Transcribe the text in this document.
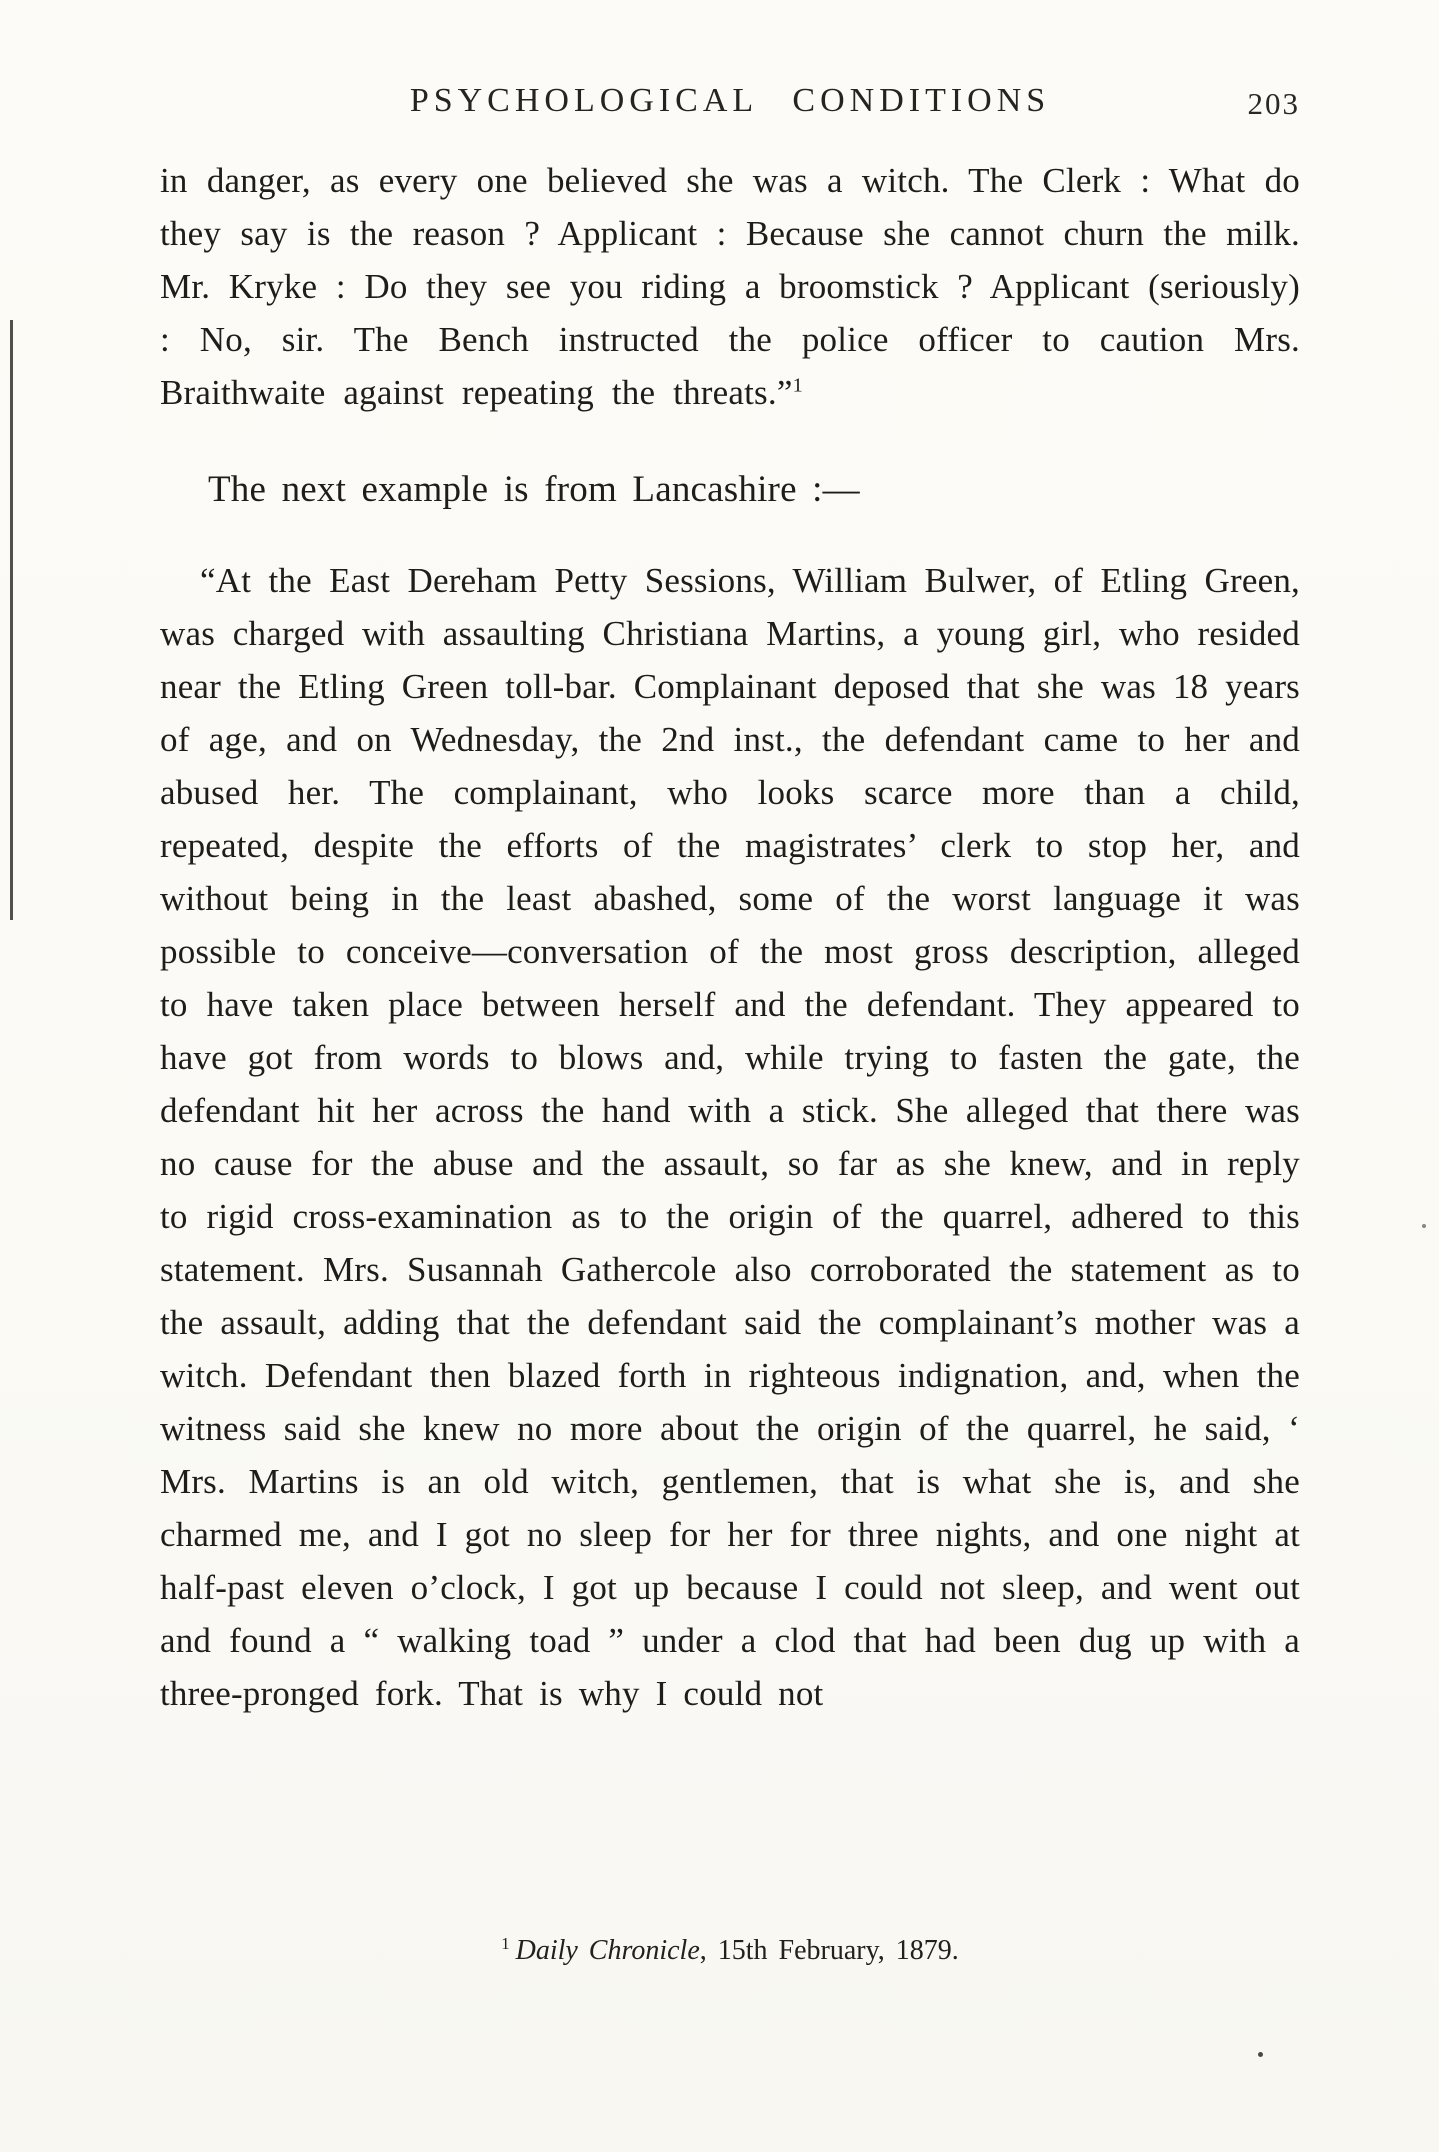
PSYCHOLOGICAL CONDITIONS	203

in danger, as every one believed she was a witch. The Clerk : What do they say is the reason ? Applicant : Because she cannot churn the milk. Mr. Kryke : Do they see you riding a broomstick ? Applicant (seriously) : No, sir. The Bench instructed the police officer to caution Mrs. Braithwaite against repeating the threats.”$^1$

The next example is from Lancashire :—

“At the East Dereham Petty Sessions, William Bulwer, of Etling Green, was charged with assaulting Christiana Martins, a young girl, who resided near the Etling Green toll-bar. Complainant deposed that she was 18 years of age, and on Wednesday, the 2nd inst., the defendant came to her and abused her. The complainant, who looks scarce more than a child, repeated, despite the efforts of the magistrates’ clerk to stop her, and without being in the least abashed, some of the worst language it was possible to conceive—conversation of the most gross description, alleged to have taken place between herself and the defendant. They appeared to have got from words to blows and, while trying to fasten the gate, the defendant hit her across the hand with a stick. She alleged that there was no cause for the abuse and the assault, so far as she knew, and in reply to rigid cross-examination as to the origin of the quarrel, adhered to this statement. Mrs. Susannah Gathercole also corroborated the statement as to the assault, adding that the defendant said the complainant’s mother was a witch. Defendant then blazed forth in righteous indignation, and, when the witness said she knew no more about the origin of the quarrel, he said, ‘ Mrs. Martins is an old witch, gentlemen, that is what she is, and she charmed me, and I got no sleep for her for three nights, and one night at half-past eleven o’clock, I got up because I could not sleep, and went out and found a “ walking toad ” under a clod that had been dug up with a three-pronged fork. That is why I could not

$^1$ Daily Chronicle, 15th February, 1879.
